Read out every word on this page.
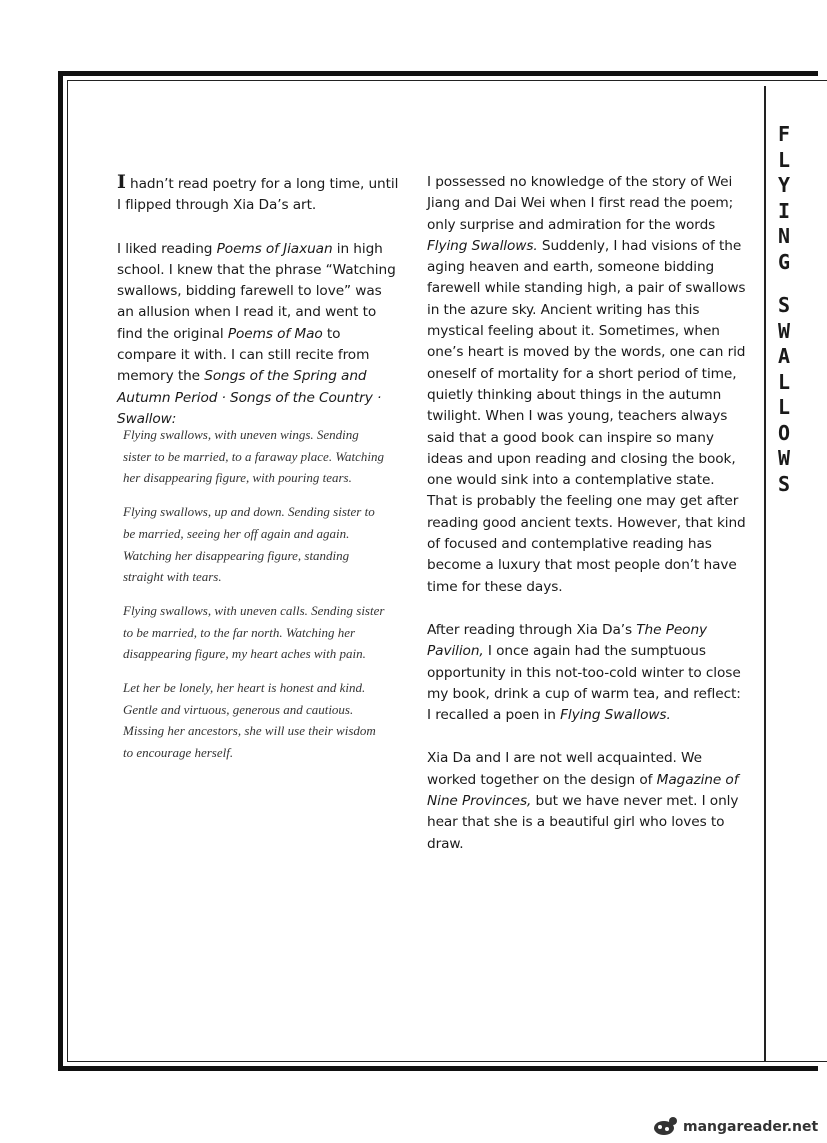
F
L
Y
I
N
G
S
W
A
L
L
O
W
S

I hadn’t read poetry for a long time, until I flipped through Xia Da’s art.

I liked reading Poems of Jiaxuan in high school. I knew that the phrase “Watching swallows, bidding farewell to love” was an allusion when I read it, and went to find the original Poems of Mao to compare it with. I can still recite from memory the Songs of the Spring and Autumn Period · Songs of the Country · Swallow:

Flying swallows, with uneven wings. Sending sister to be married, to a faraway place. Watching her disappearing figure, with pouring tears.

Flying swallows, up and down. Sending sister to be married, seeing her off again and again. Watching her disappearing figure, standing straight with tears.

Flying swallows, with uneven calls. Sending sister to be married, to the far north. Watching her disappearing figure, my heart aches with pain.

Let her be lonely, her heart is honest and kind. Gentle and virtuous, generous and cautious. Missing her ancestors, she will use their wisdom to encourage herself.

I possessed no knowledge of the story of Wei Jiang and Dai Wei when I first read the poem; only surprise and admiration for the words Flying Swallows. Suddenly, I had visions of the aging heaven and earth, someone bidding farewell while standing high, a pair of swallows in the azure sky. Ancient writing has this mystical feeling about it. Sometimes, when one’s heart is moved by the words, one can rid oneself of mortality for a short period of time, quietly thinking about things in the autumn twilight. When I was young, teachers always said that a good book can inspire so many ideas and upon reading and closing the book, one would sink into a contemplative state. That is probably the feeling one may get after reading good ancient texts. However, that kind of focused and contemplative reading has become a luxury that most people don’t have time for these days.

After reading through Xia Da’s The Peony Pavilion, I once again had the sumptuous opportunity in this not-too-cold winter to close my book, drink a cup of warm tea, and reflect: I recalled a poen in Flying Swallows.

Xia Da and I are not well acquainted. We worked together on the design of Magazine of Nine Provinces, but we have never met. I only hear that she is a beautiful girl who loves to draw.

mangareader.net
